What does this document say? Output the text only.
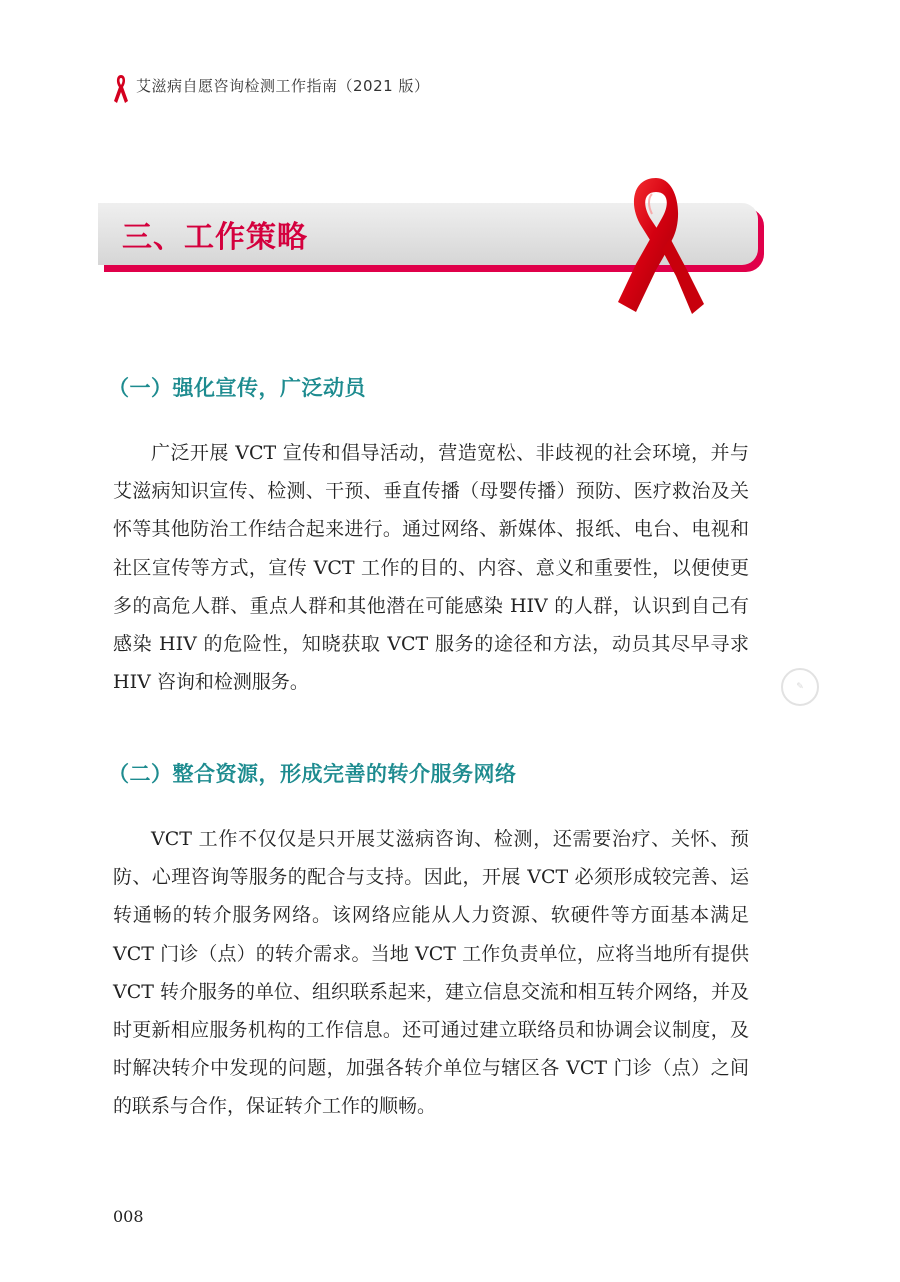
艾滋病自愿咨询检测工作指南（2021 版）
三、工作策略
（一）强化宣传，广泛动员
广泛开展 VCT 宣传和倡导活动，营造宽松、非歧视的社会环境，并与艾滋病知识宣传、检测、干预、垂直传播（母婴传播）预防、医疗救治及关怀等其他防治工作结合起来进行。通过网络、新媒体、报纸、电台、电视和社区宣传等方式，宣传 VCT 工作的目的、内容、意义和重要性，以便使更多的高危人群、重点人群和其他潜在可能感染 HIV 的人群，认识到自己有感染 HIV 的危险性，知晓获取 VCT 服务的途径和方法，动员其尽早寻求 HIV 咨询和检测服务。	✎
（二）整合资源，形成完善的转介服务网络
VCT 工作不仅仅是只开展艾滋病咨询、检测，还需要治疗、关怀、预防、心理咨询等服务的配合与支持。因此，开展 VCT 必须形成较完善、运转通畅的转介服务网络。该网络应能从人力资源、软硬件等方面基本满足 VCT 门诊（点）的转介需求。当地 VCT 工作负责单位，应将当地所有提供 VCT 转介服务的单位、组织联系起来，建立信息交流和相互转介网络，并及时更新相应服务机构的工作信息。还可通过建立联络员和协调会议制度，及时解决转介中发现的问题，加强各转介单位与辖区各 VCT 门诊（点）之间的联系与合作，保证转介工作的顺畅。
008
